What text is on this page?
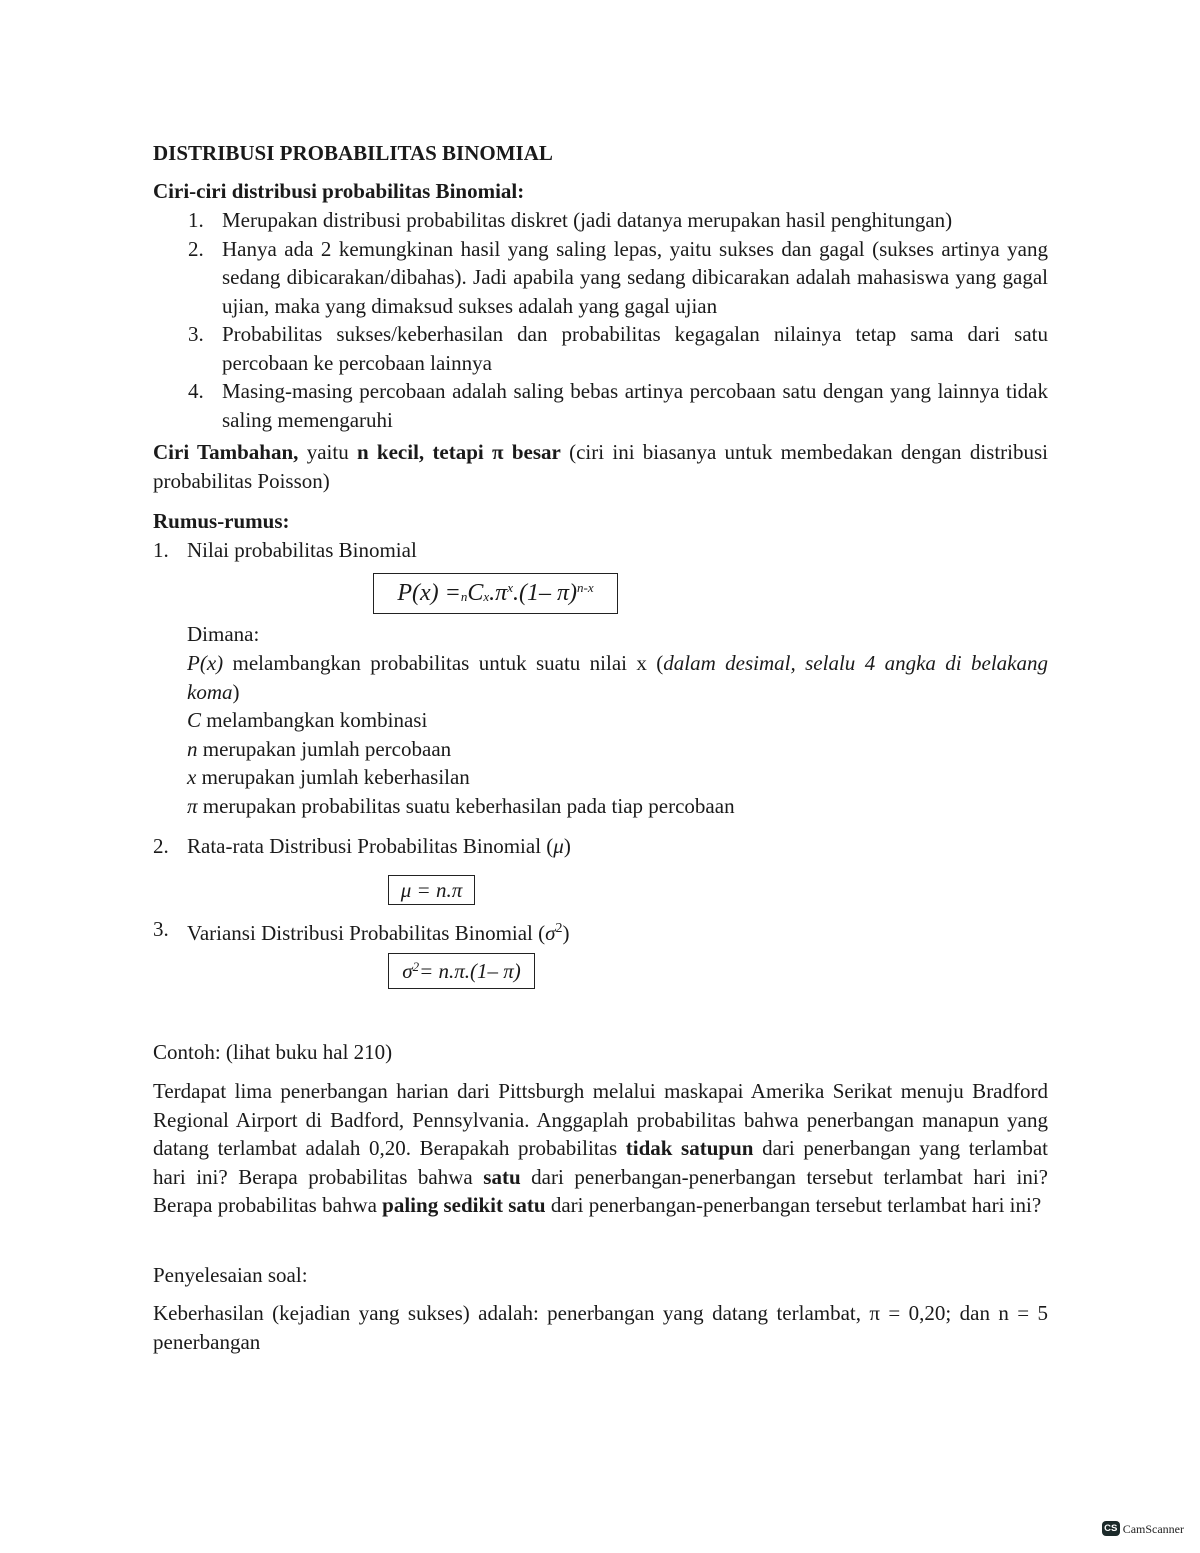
DISTRIBUSI PROBABILITAS BINOMIAL
Ciri-ciri distribusi probabilitas Binomial:
1. Merupakan distribusi probabilitas diskret (jadi datanya merupakan hasil penghitungan)
2. Hanya ada 2 kemungkinan hasil yang saling lepas, yaitu sukses dan gagal (sukses artinya yang sedang dibicarakan/dibahas). Jadi apabila yang sedang dibicarakan adalah mahasiswa yang gagal ujian, maka yang dimaksud sukses adalah yang gagal ujian
3. Probabilitas sukses/keberhasilan dan probabilitas kegagalan nilainya tetap sama dari satu percobaan ke percobaan lainnya
4. Masing-masing percobaan adalah saling bebas artinya percobaan satu dengan yang lainnya tidak saling memengaruhi
Ciri Tambahan, yaitu n kecil, tetapi π besar (ciri ini biasanya untuk membedakan dengan distribusi probabilitas Poisson)
Rumus-rumus:
1. Nilai probabilitas Binomial
P(x) = n C x $.\pi^x$ .(1– π)$^{n-x}$
Dimana:
P(x) melambangkan probabilitas untuk suatu nilai x (dalam desimal, selalu 4 angka di belakang koma)
C melambangkan kombinasi
n merupakan jumlah percobaan
x merupakan jumlah keberhasilan
π merupakan probabilitas suatu keberhasilan pada tiap percobaan
2. Rata-rata Distribusi Probabilitas Binomial (μ)
μ = n.π
3. Variansi Distribusi Probabilitas Binomial $(\sigma^2)$
σ 2 = n.π.(1– π)
Contoh: (lihat buku hal 210)
Terdapat lima penerbangan harian dari Pittsburgh melalui maskapai Amerika Serikat menuju Bradford Regional Airport di Badford, Pennsylvania. Anggaplah probabilitas bahwa penerbangan manapun yang datang terlambat adalah 0,20. Berapakah probabilitas tidak satupun dari penerbangan yang terlambat hari ini? Berapa probabilitas bahwa satu dari penerbangan-penerbangan tersebut terlambat hari ini? Berapa probabilitas bahwa paling sedikit satu dari penerbangan-penerbangan tersebut terlambat hari ini?
Penyelesaian soal:
Keberhasilan (kejadian yang sukses) adalah: penerbangan yang datang terlambat, π = 0,20; dan n = 5 penerbangan
CS CamScanner
